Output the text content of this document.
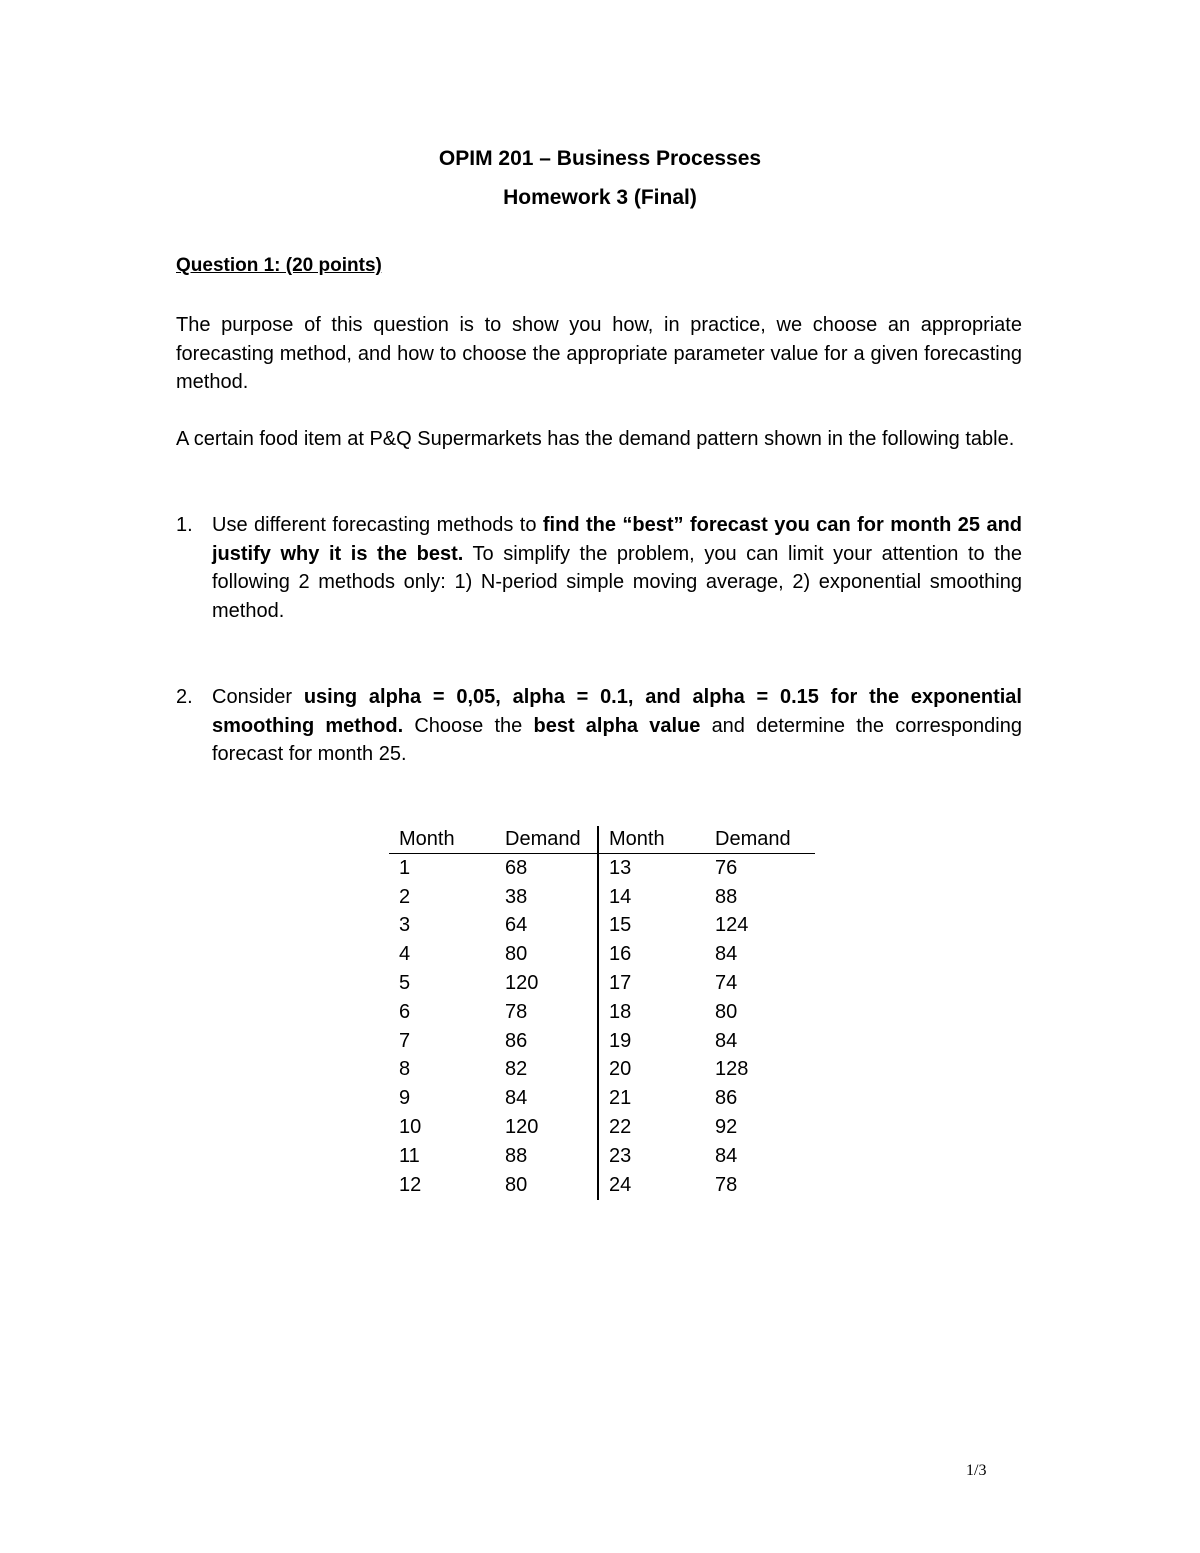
OPIM 201 – Business Processes
Homework 3 (Final)
Question 1: (20 points)
The purpose of this question is to show you how, in practice, we choose an appropriate forecasting method, and how to choose the appropriate parameter value for a given forecasting method.
A certain food item at P&Q Supermarkets has the demand pattern shown in the following table.
1. Use different forecasting methods to find the “best” forecast you can for month 25 and justify why it is the best. To simplify the problem, you can limit your attention to the following 2 methods only: 1) N-period simple moving average, 2) exponential smoothing method.
2. Consider using alpha = 0,05, alpha = 0.1, and alpha = 0.15 for the exponential smoothing method. Choose the best alpha value and determine the corresponding forecast for month 25.
Month	Demand	Month	Demand
1	68	13	76
2	38	14	88
3	64	15	124
4	80	16	84
5	120	17	74
6	78	18	80
7	86	19	84
8	82	20	128
9	84	21	86
10	120	22	92
11	88	23	84
12	80	24	78
1/3
